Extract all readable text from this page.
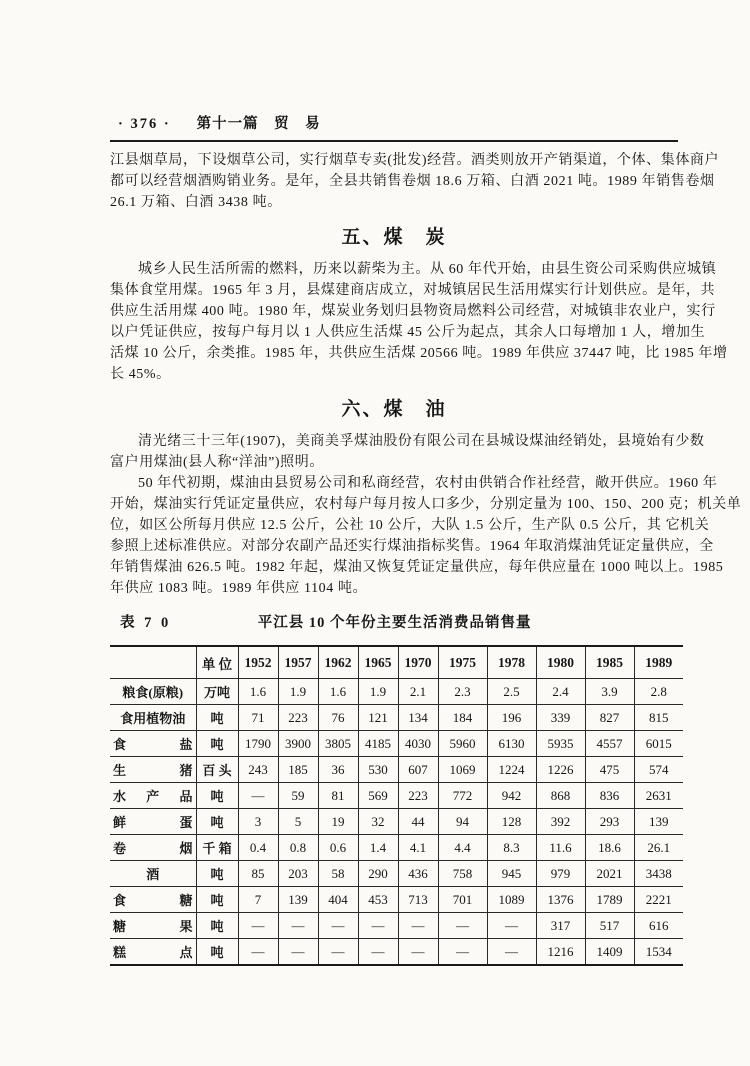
· 376 · 第十一篇　贸　易
江县烟草局，下设烟草公司，实行烟草专卖(批发)经营。酒类则放开产销渠道，个体、集体商户
都可以经营烟酒购销业务。是年，全县共销售卷烟 18.6 万箱、白酒 2021 吨。1989 年销售卷烟
26.1 万箱、白酒 3438 吨。
五、煤　炭
城乡人民生活所需的燃料，历来以薪柴为主。从 60 年代开始，由县生资公司采购供应城镇
集体食堂用煤。1965 年 3 月，县煤建商店成立，对城镇居民生活用煤实行计划供应。是年，共
供应生活用煤 400 吨。1980 年，煤炭业务划归县物资局燃料公司经营，对城镇非农业户，实行
以户凭证供应，按每户每月以 1 人供应生活煤 45 公斤为起点，其余人口每增加 1 人，增加生
活煤 10 公斤，余类推。1985 年，共供应生活煤 20566 吨。1989 年供应 37447 吨，比 1985 年增
长 45%。
六、煤　油
清光绪三十三年(1907)，美商美孚煤油股份有限公司在县城设煤油经销处，县境始有少数
富户用煤油(县人称“洋油”)照明。
50 年代初期，煤油由县贸易公司和私商经营，农村由供销合作社经营，敞开供应。1960 年
开始，煤油实行凭证定量供应，农村每户每月按人口多少，分别定量为 100、150、200 克；机关单
位，如区公所每月供应 12.5 公斤，公社 10 公斤，大队 1.5 公斤，生产队 0.5 公斤，其 它机关
参照上述标准供应。对部分农副产品还实行煤油指标奖售。1964 年取消煤油凭证定量供应，全
年销售煤油 626.5 吨。1982 年起，煤油又恢复凭证定量供应，每年供应量在 1000 吨以上。1985
年供应 1083 吨。1989 年供应 1104 吨。
表 7 0	平江县 10 个年份主要生活消费品销售量
	单 位	1952	1957	1962	1965	1970	1975	1978	1980	1985	1989
粮食(原粮)	万吨	1.6	1.9	1.6	1.9	2.1	2.3	2.5	2.4	3.9	2.8
食用植物油	吨	71	223	76	121	134	184	196	339	827	815

食 盐	吨	1790	3900	3805	4185	4030	5960	6130	5935	4557	6015

生 猪	百 头	243	185	36	530	607	1069	1224	1226	475	574

水 产 品	吨	—	59	81	569	223	772	942	868	836	2631

鲜 蛋	吨	3	5	19	32	44	94	128	392	293	139

卷 烟	千 箱	0.4	0.8	0.6	1.4	4.1	4.4	8.3	11.6	18.6	26.1
酒	吨	85	203	58	290	436	758	945	979	2021	3438

食 糖	吨	7	139	404	453	713	701	1089	1376	1789	2221

糖 果	吨	—	—	—	—	—	—	—	317	517	616

糕 点	吨	—	—	—	—	—	—	—	1216	1409	1534
